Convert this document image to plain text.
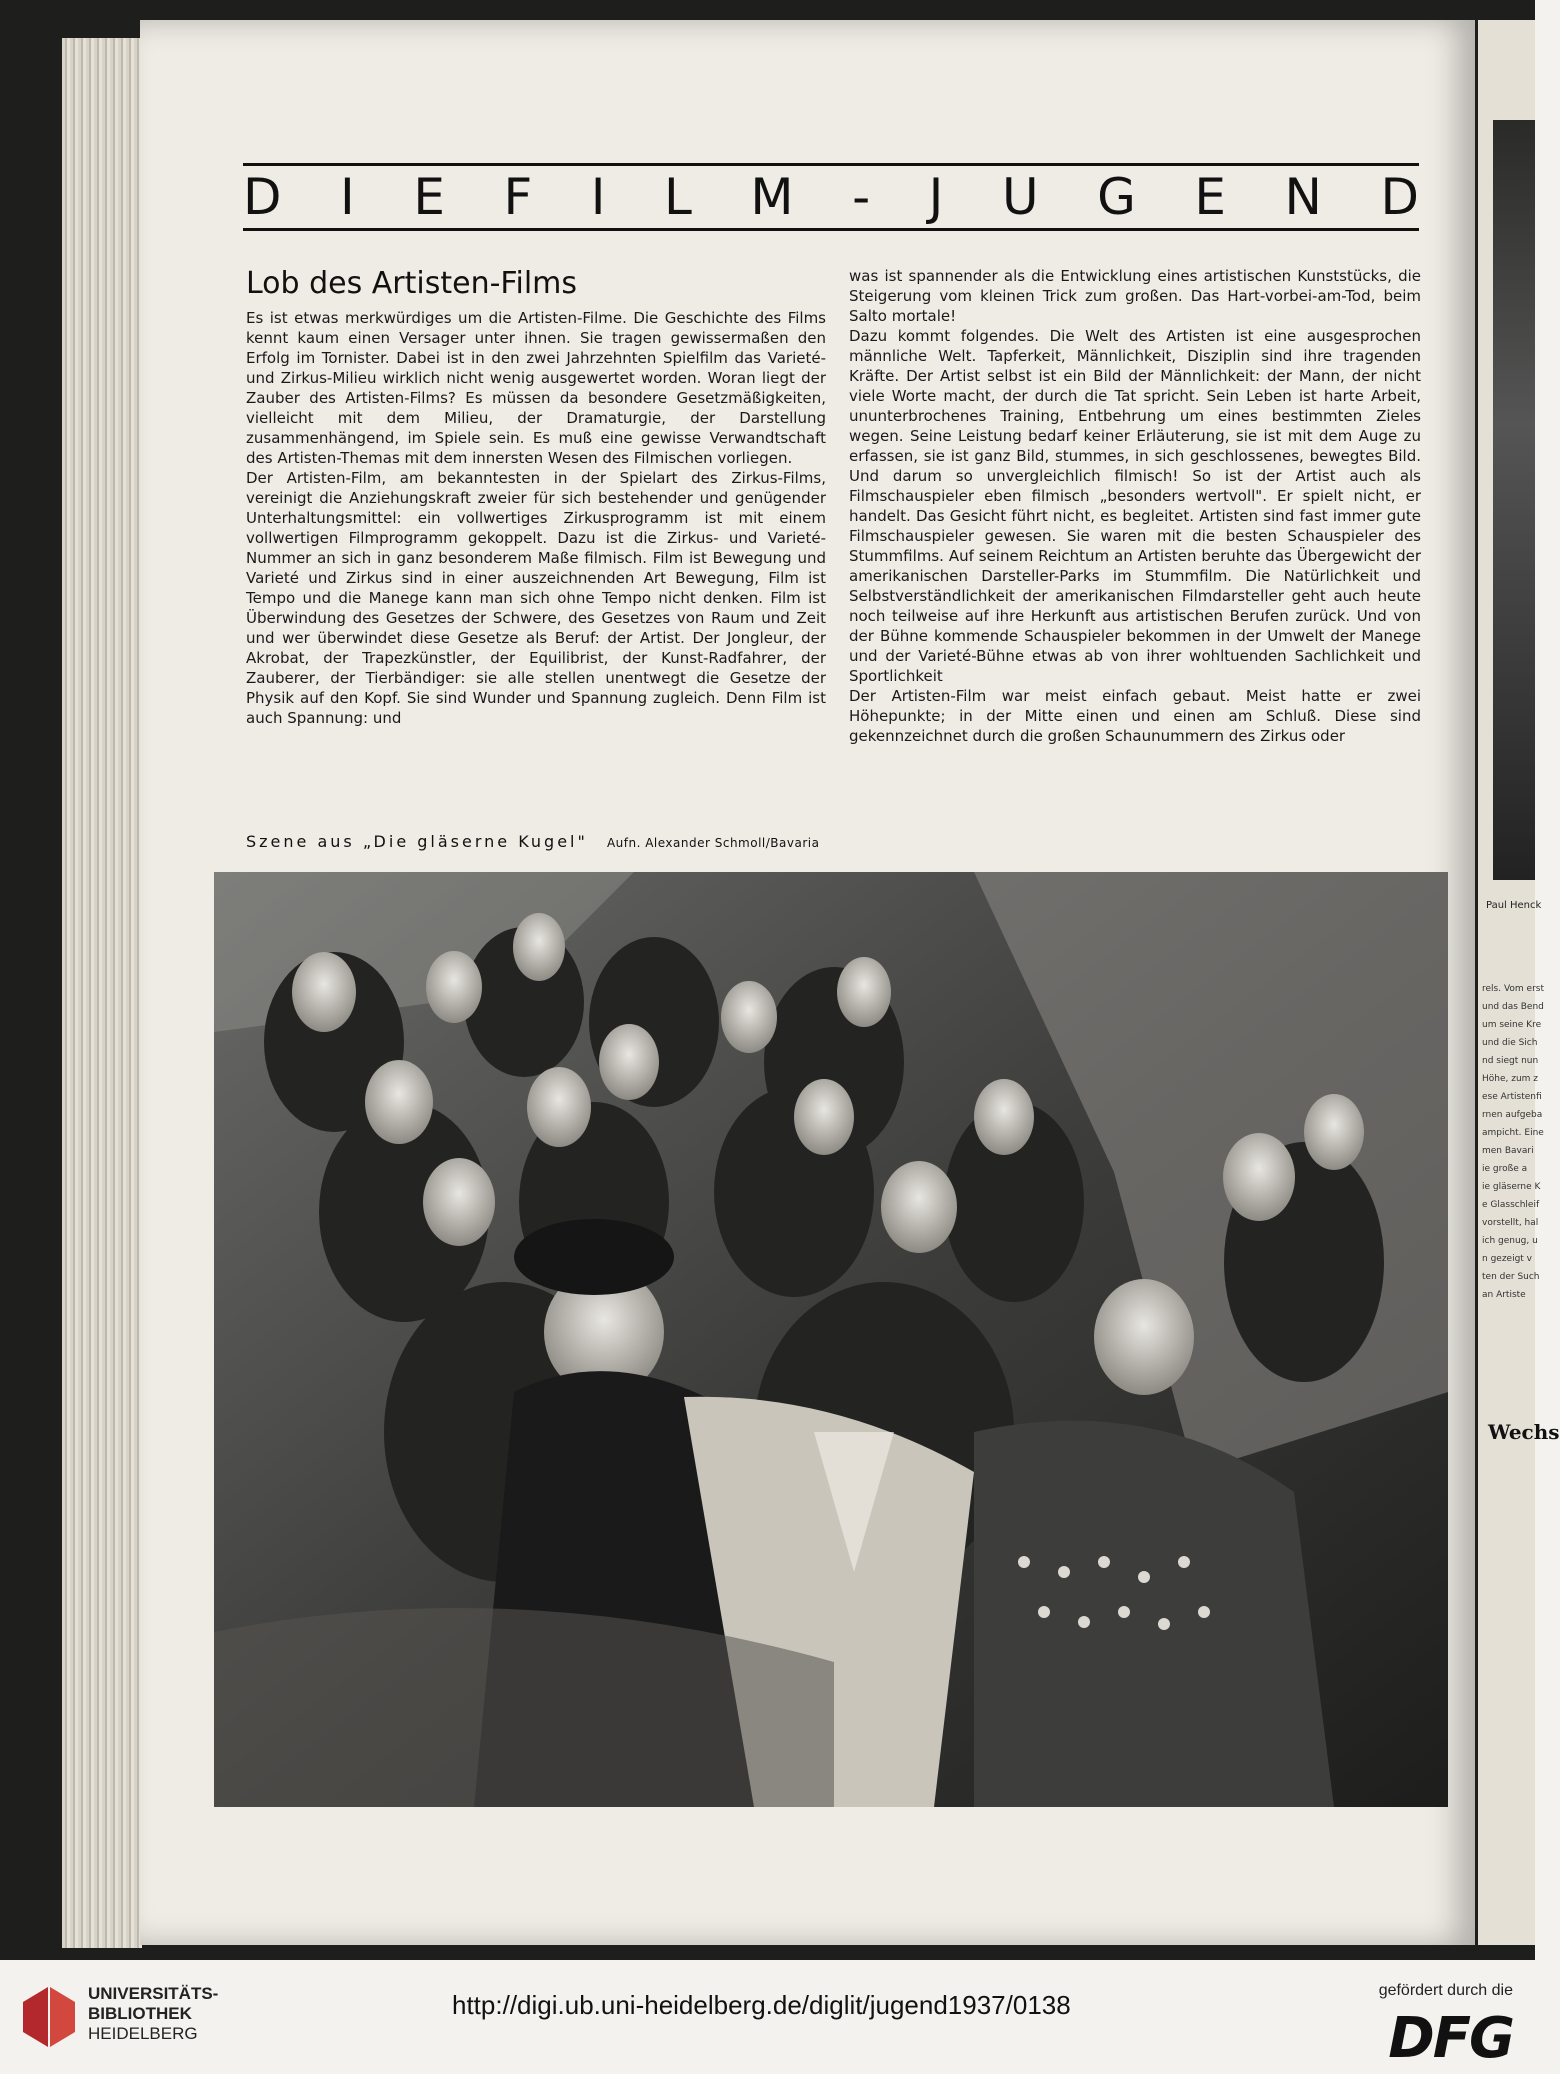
Paul Henck
rels. Vom erst
und das Bend
um seine Kre
und die Sich
nd siegt nun
Höhe, zum z
ese Artistenfi
rnen aufgeba
ampicht. Eine
men Bavari
ie große a
ie gläserne K
e Glasschleif
vorstellt, hal
ich genug, u
n gezeigt v
ten der Such
an Artiste
Wechs
D I E F I L M - J U G E N D
Lob des Artisten-Films

Es ist etwas merkwürdiges um die Artisten-Filme. Die Geschichte des Films kennt kaum einen Versager unter ihnen. Sie tragen gewissermaßen den Erfolg im Tornister. Dabei ist in den zwei Jahrzehnten Spielfilm das Varieté- und Zirkus-Milieu wirklich nicht wenig ausgewertet worden. Woran liegt der Zauber des Artisten-Films? Es müssen da besondere Gesetzmäßigkeiten, vielleicht mit dem Milieu, der Dramaturgie, der Darstellung zusammenhängend, im Spiele sein. Es muß eine gewisse Verwandtschaft des Artisten-Themas mit dem innersten Wesen des Filmischen vorliegen.

Der Artisten-Film, am bekanntesten in der Spielart des Zirkus-Films, vereinigt die Anziehungskraft zweier für sich bestehender und genügender Unterhaltungsmittel: ein vollwertiges Zirkusprogramm ist mit einem vollwertigen Filmprogramm gekoppelt. Dazu ist die Zirkus- und Varieté-Nummer an sich in ganz besonderem Maße filmisch. Film ist Bewegung und Varieté und Zirkus sind in einer auszeichnenden Art Bewegung, Film ist Tempo und die Manege kann man sich ohne Tempo nicht denken. Film ist Überwindung des Gesetzes der Schwere, des Gesetzes von Raum und Zeit und wer überwindet diese Gesetze als Beruf: der Artist. Der Jongleur, der Akrobat, der Trapezkünstler, der Equilibrist, der Kunst-Radfahrer, der Zauberer, der Tierbändiger: sie alle stellen unentwegt die Gesetze der Physik auf den Kopf. Sie sind Wunder und Spannung zugleich. Denn Film ist auch Spannung: und

was ist spannender als die Entwicklung eines artistischen Kunststücks, die Steigerung vom kleinen Trick zum großen. Das Hart-vorbei-am-Tod, beim Salto mortale!

Dazu kommt folgendes. Die Welt des Artisten ist eine ausgesprochen männliche Welt. Tapferkeit, Männlichkeit, Disziplin sind ihre tragenden Kräfte. Der Artist selbst ist ein Bild der Männlichkeit: der Mann, der nicht viele Worte macht, der durch die Tat spricht. Sein Leben ist harte Arbeit, ununterbrochenes Training, Entbehrung um eines bestimmten Zieles wegen. Seine Leistung bedarf keiner Erläuterung, sie ist mit dem Auge zu erfassen, sie ist ganz Bild, stummes, in sich geschlossenes, bewegtes Bild. Und darum so unvergleichlich filmisch! So ist der Artist auch als Filmschauspieler eben filmisch „besonders wertvoll". Er spielt nicht, er handelt. Das Gesicht führt nicht, es begleitet. Artisten sind fast immer gute Filmschauspieler gewesen. Sie waren mit die besten Schauspieler des Stummfilms. Auf seinem Reichtum an Artisten beruhte das Übergewicht der amerikanischen Darsteller-Parks im Stummfilm. Die Natürlichkeit und Selbstverständlichkeit der amerikanischen Filmdarsteller geht auch heute noch teilweise auf ihre Herkunft aus artistischen Berufen zurück. Und von der Bühne kommende Schauspieler bekommen in der Umwelt der Manege und der Varieté-Bühne etwas ab von ihrer wohltuenden Sachlichkeit und Sportlichkeit

Der Artisten-Film war meist einfach gebaut. Meist hatte er zwei Höhepunkte; in der Mitte einen und einen am Schluß. Diese sind gekennzeichnet durch die großen Schaunummern des Zirkus oder

Szene aus „Die gläserne Kugel" Aufn. Alexander Schmoll/Bavaria
UNIVERSITÄTS-
BIBLIOTHEK
HEIDELBERG
http://digi.ub.uni-heidelberg.de/diglit/jugend1937/0138	gefördert durch die
DFG
